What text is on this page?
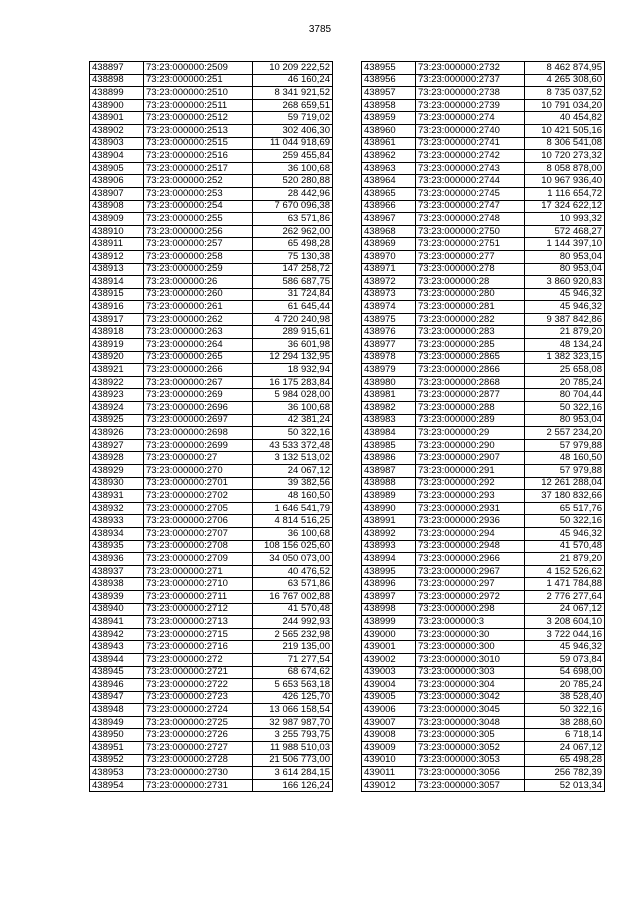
3785
438897	73:23:000000:2509	10 209 222,52
438898	73:23:000000:251	46 160,24
438899	73:23:000000:2510	8 341 921,52
438900	73:23:000000:2511	268 659,51
438901	73:23:000000:2512	59 719,02
438902	73:23:000000:2513	302 406,30
438903	73:23:000000:2515	11 044 918,69
438904	73:23:000000:2516	259 455,84
438905	73:23:000000:2517	36 100,68
438906	73:23:000000:252	520 280,88
438907	73:23:000000:253	28 442,96
438908	73:23:000000:254	7 670 096,38
438909	73:23:000000:255	63 571,86
438910	73:23:000000:256	262 962,00
438911	73:23:000000:257	65 498,28
438912	73:23:000000:258	75 130,38
438913	73:23:000000:259	147 258,72
438914	73:23:000000:26	586 687,75
438915	73:23:000000:260	31 724,84
438916	73:23:000000:261	61 645,44
438917	73:23:000000:262	4 720 240,98
438918	73:23:000000:263	289 915,61
438919	73:23:000000:264	36 601,98
438920	73:23:000000:265	12 294 132,95
438921	73:23:000000:266	18 932,94
438922	73:23:000000:267	16 175 283,84
438923	73:23:000000:269	5 984 028,00
438924	73:23:000000:2696	36 100,68
438925	73:23:000000:2697	42 381,24
438926	73:23:000000:2698	50 322,16
438927	73:23:000000:2699	43 533 372,48
438928	73:23:000000:27	3 132 513,02
438929	73:23:000000:270	24 067,12
438930	73:23:000000:2701	39 382,56
438931	73:23:000000:2702	48 160,50
438932	73:23:000000:2705	1 646 541,79
438933	73:23:000000:2706	4 814 516,25
438934	73:23:000000:2707	36 100,68
438935	73:23:000000:2708	108 156 025,60
438936	73:23:000000:2709	34 050 073,00
438937	73:23:000000:271	40 476,52
438938	73:23:000000:2710	63 571,86
438939	73:23:000000:2711	16 767 002,88
438940	73:23:000000:2712	41 570,48
438941	73:23:000000:2713	244 992,93
438942	73:23:000000:2715	2 565 232,98
438943	73:23:000000:2716	219 135,00
438944	73:23:000000:272	71 277,54
438945	73:23:000000:2721	68 674,62
438946	73:23:000000:2722	5 653 563,18
438947	73:23:000000:2723	426 125,70
438948	73:23:000000:2724	13 066 158,54
438949	73:23:000000:2725	32 987 987,70
438950	73:23:000000:2726	3 255 793,75
438951	73:23:000000:2727	11 988 510,03
438952	73:23:000000:2728	21 506 773,00
438953	73:23:000000:2730	3 614 284,15
438954	73:23:000000:2731	166 126,24
438955	73:23:000000:2732	8 462 874,95
438956	73:23:000000:2737	4 265 308,60
438957	73:23:000000:2738	8 735 037,52
438958	73:23:000000:2739	10 791 034,20
438959	73:23:000000:274	40 454,82
438960	73:23:000000:2740	10 421 505,16
438961	73:23:000000:2741	8 306 541,08
438962	73:23:000000:2742	10 720 273,32
438963	73:23:000000:2743	8 058 878,00
438964	73:23:000000:2744	10 967 936,40
438965	73:23:000000:2745	1 116 654,72
438966	73:23:000000:2747	17 324 622,12
438967	73:23:000000:2748	10 993,32
438968	73:23:000000:2750	572 468,27
438969	73:23:000000:2751	1 144 397,10
438970	73:23:000000:277	80 953,04
438971	73:23:000000:278	80 953,04
438972	73:23:000000:28	3 860 920,83
438973	73:23:000000:280	45 946,32
438974	73:23:000000:281	45 946,32
438975	73:23:000000:282	9 387 842,86
438976	73:23:000000:283	21 879,20
438977	73:23:000000:285	48 134,24
438978	73:23:000000:2865	1 382 323,15
438979	73:23:000000:2866	25 658,08
438980	73:23:000000:2868	20 785,24
438981	73:23:000000:2877	80 704,44
438982	73:23:000000:288	50 322,16
438983	73:23:000000:289	80 953,04
438984	73:23:000000:29	2 557 234,20
438985	73:23:000000:290	57 979,88
438986	73:23:000000:2907	48 160,50
438987	73:23:000000:291	57 979,88
438988	73:23:000000:292	12 261 288,04
438989	73:23:000000:293	37 180 832,66
438990	73:23:000000:2931	65 517,76
438991	73:23:000000:2936	50 322,16
438992	73:23:000000:294	45 946,32
438993	73:23:000000:2948	41 570,48
438994	73:23:000000:2966	21 879,20
438995	73:23:000000:2967	4 152 526,62
438996	73:23:000000:297	1 471 784,88
438997	73:23:000000:2972	2 776 277,64
438998	73:23:000000:298	24 067,12
438999	73:23:000000:3	3 208 604,10
439000	73:23:000000:30	3 722 044,16
439001	73:23:000000:300	45 946,32
439002	73:23:000000:3010	59 073,84
439003	73:23:000000:303	54 698,00
439004	73:23:000000:304	20 785,24
439005	73:23:000000:3042	38 528,40
439006	73:23:000000:3045	50 322,16
439007	73:23:000000:3048	38 288,60
439008	73:23:000000:305	6 718,14
439009	73:23:000000:3052	24 067,12
439010	73:23:000000:3053	65 498,28
439011	73:23:000000:3056	256 782,39
439012	73:23:000000:3057	52 013,34
